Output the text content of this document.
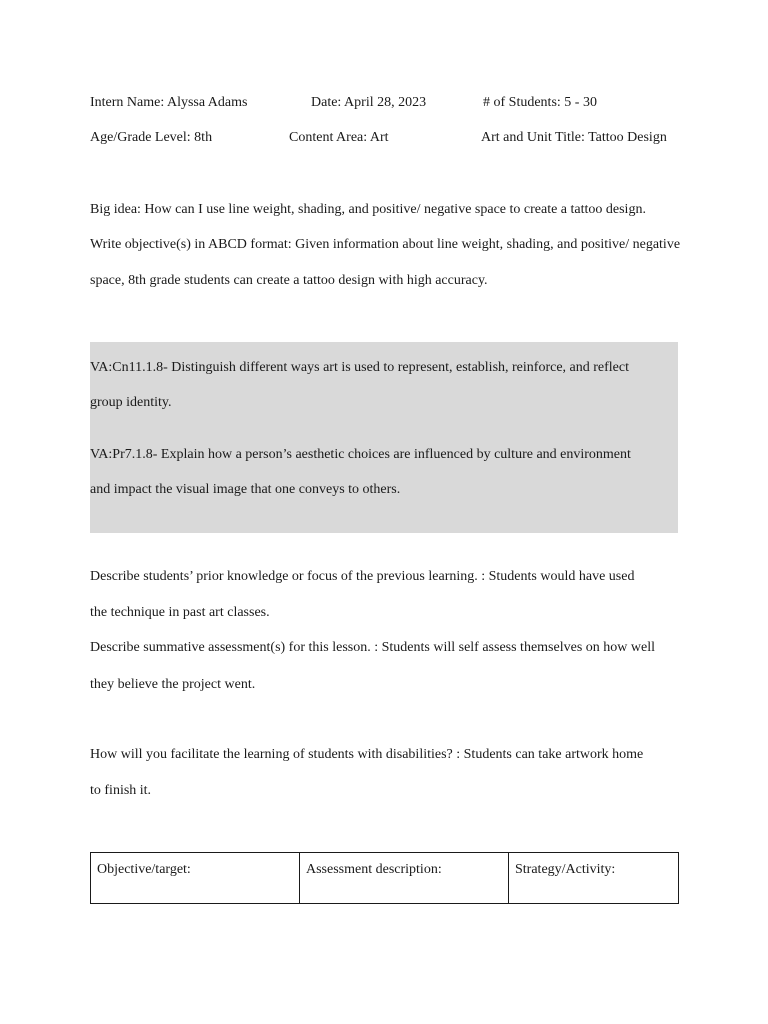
Intern Name: Alyssa Adams	Date: April 28, 2023	# of Students: 5 - 30
Age/Grade Level: 8th	Content Area: Art	Art and Unit Title: Tattoo Design
Big idea: How can I use line weight, shading, and positive/ negative space to create a tattoo design.
Write objective(s) in ABCD format: Given information about line weight, shading, and positive/ negative
space, 8th grade students can create a tattoo design with high accuracy.
VA:Cn11.1.8- Distinguish different ways art is used to represent, establish, reinforce, and reflect
group identity.
VA:Pr7.1.8- Explain how a person’s aesthetic choices are influenced by culture and environment
and impact the visual image that one conveys to others.
Describe students’ prior knowledge or focus of the previous learning. : Students would have used
the technique in past art classes.
Describe summative assessment(s) for this lesson. : Students will self assess themselves on how well
they believe the project went.
How will you facilitate the learning of students with disabilities? : Students can take artwork home
to finish it.
Objective/target:	Assessment description:	Strategy/Activity:
